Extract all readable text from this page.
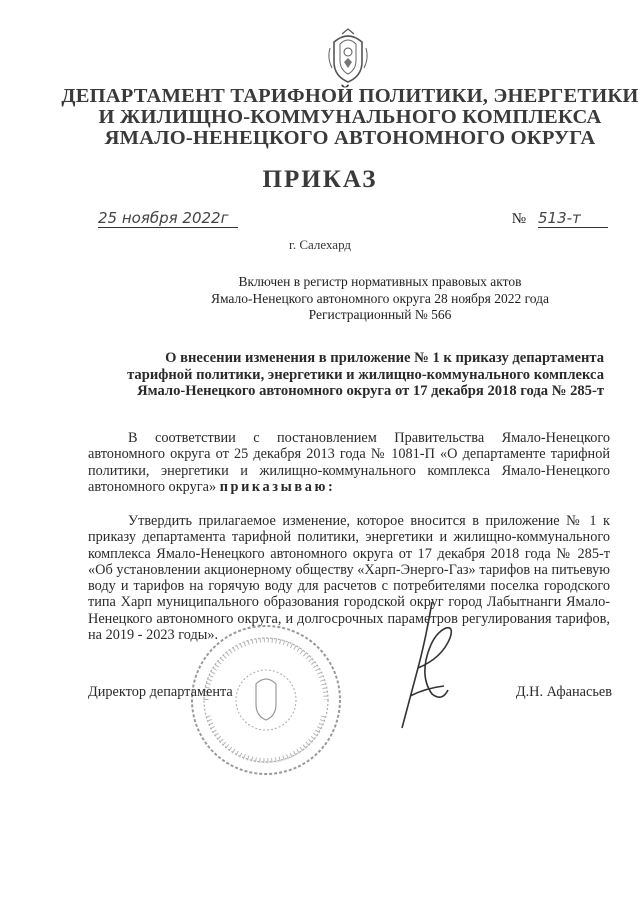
ДЕПАРТАМЕНТ ТАРИФНОЙ ПОЛИТИКИ, ЭНЕРГЕТИКИ
И ЖИЛИЩНО-КОММУНАЛЬНОГО КОМПЛЕКСА
ЯМАЛО-НЕНЕЦКОГО АВТОНОМНОГО ОКРУГА
ПРИКАЗ
25 ноября 2022г	№ 513-т
г. Салехард
Включен в регистр нормативных правовых актов
Ямало-Ненецкого автономного округа 28 ноября 2022 года
Регистрационный № 566
О внесении изменения в приложение № 1 к приказу департамента
тарифной политики, энергетики и жилищно-коммунального комплекса
Ямало-Ненецкого автономного округа от 17 декабря 2018 года № 285-т

В соответствии с постановлением Правительства Ямало-Ненецкого автономного округа от 25 декабря 2013 года № 1081-П «О департаменте тарифной политики, энергетики и жилищно-коммунального комплекса Ямало-Ненецкого автономного округа» приказываю:

Утвердить прилагаемое изменение, которое вносится в приложение № 1 к приказу департамента тарифной политики, энергетики и жилищно-коммунального комплекса Ямало-Ненецкого автономного округа от 17 декабря 2018 года № 285-т «Об установлении акционерному обществу «Харп-Энерго-Газ» тарифов на питьевую воду и тарифов на горячую воду для расчетов с потребителями поселка городского типа Харп муниципального образования городской округ город Лабытнанги Ямало-Ненецкого автономного округа, и долгосрочных параметров регулирования тарифов, на 2019 - 2023 годы».

Директор департамента	Д.Н. Афанасьев
